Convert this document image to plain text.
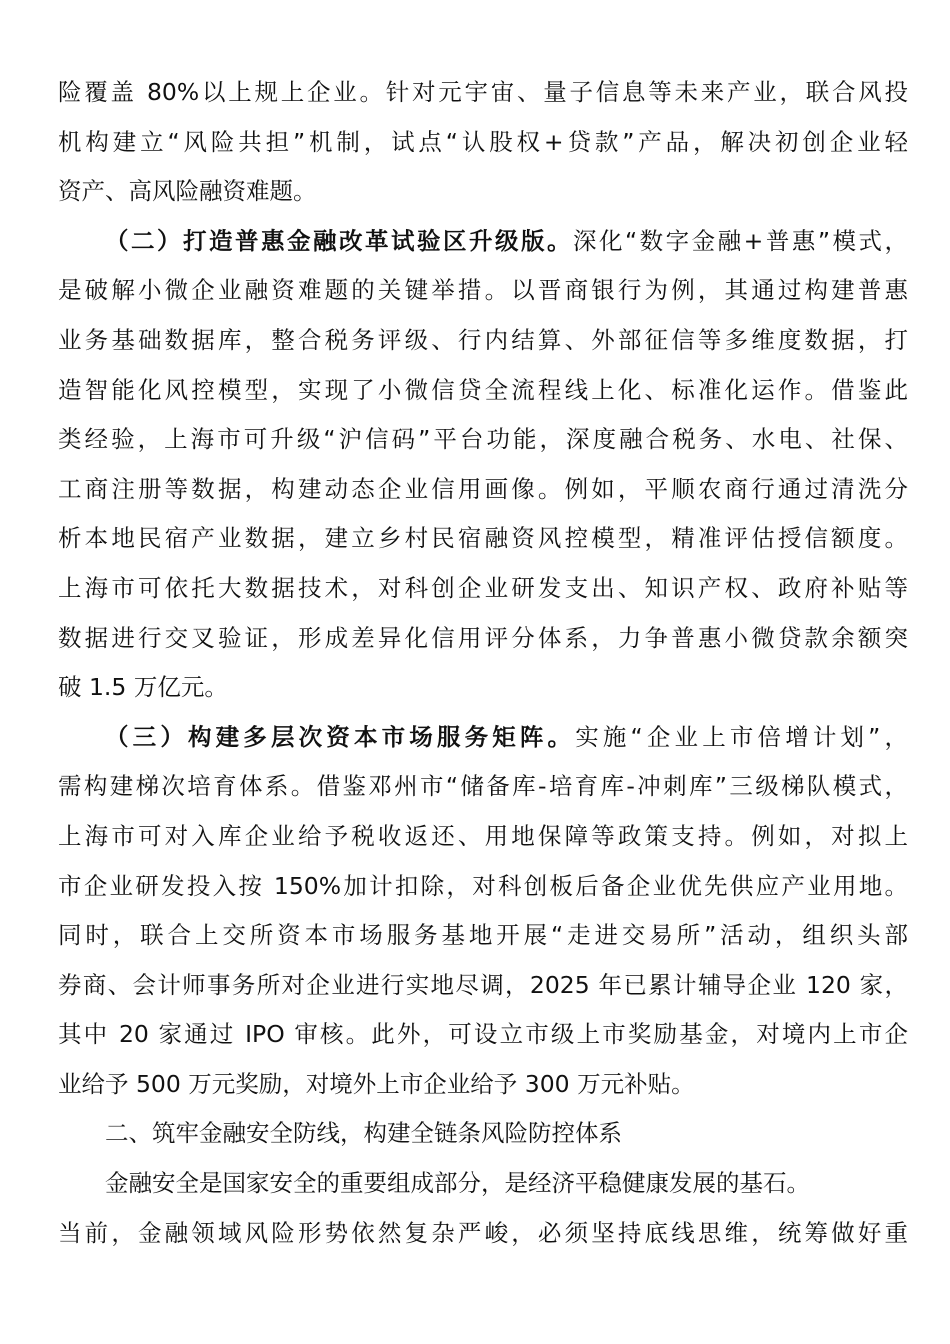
险覆盖 80%以上规上企业。针对元宇宙、量子信息等未来产业，联合风投
机构建立“风险共担”机制，试点“认股权+贷款”产品，解决初创企业轻
资产、高风险融资难题。
（二）打造普惠金融改革试验区升级版。深化“数字金融+普惠”模式，
是破解小微企业融资难题的关键举措。以晋商银行为例，其通过构建普惠
业务基础数据库，整合税务评级、行内结算、外部征信等多维度数据，打
造智能化风控模型，实现了小微信贷全流程线上化、标准化运作。借鉴此
类经验，上海市可升级“沪信码”平台功能，深度融合税务、水电、社保、
工商注册等数据，构建动态企业信用画像。例如，平顺农商行通过清洗分
析本地民宿产业数据，建立乡村民宿融资风控模型，精准评估授信额度。
上海市可依托大数据技术，对科创企业研发支出、知识产权、政府补贴等
数据进行交叉验证，形成差异化信用评分体系，力争普惠小微贷款余额突
破 1.5 万亿元。
（三）构建多层次资本市场服务矩阵。实施“企业上市倍增计划”，
需构建梯次培育体系。借鉴邓州市“储备库-培育库-冲刺库”三级梯队模式，
上海市可对入库企业给予税收返还、用地保障等政策支持。例如，对拟上
市企业研发投入按 150%加计扣除，对科创板后备企业优先供应产业用地。
同时，联合上交所资本市场服务基地开展“走进交易所”活动，组织头部
券商、会计师事务所对企业进行实地尽调，2025 年已累计辅导企业 120 家，
其中 20 家通过 IPO 审核。此外，可设立市级上市奖励基金，对境内上市企
业给予 500 万元奖励，对境外上市企业给予 300 万元补贴。
二、筑牢金融安全防线，构建全链条风险防控体系
金融安全是国家安全的重要组成部分，是经济平稳健康发展的基石。
当前，金融领域风险形势依然复杂严峻，必须坚持底线思维，统筹做好重
